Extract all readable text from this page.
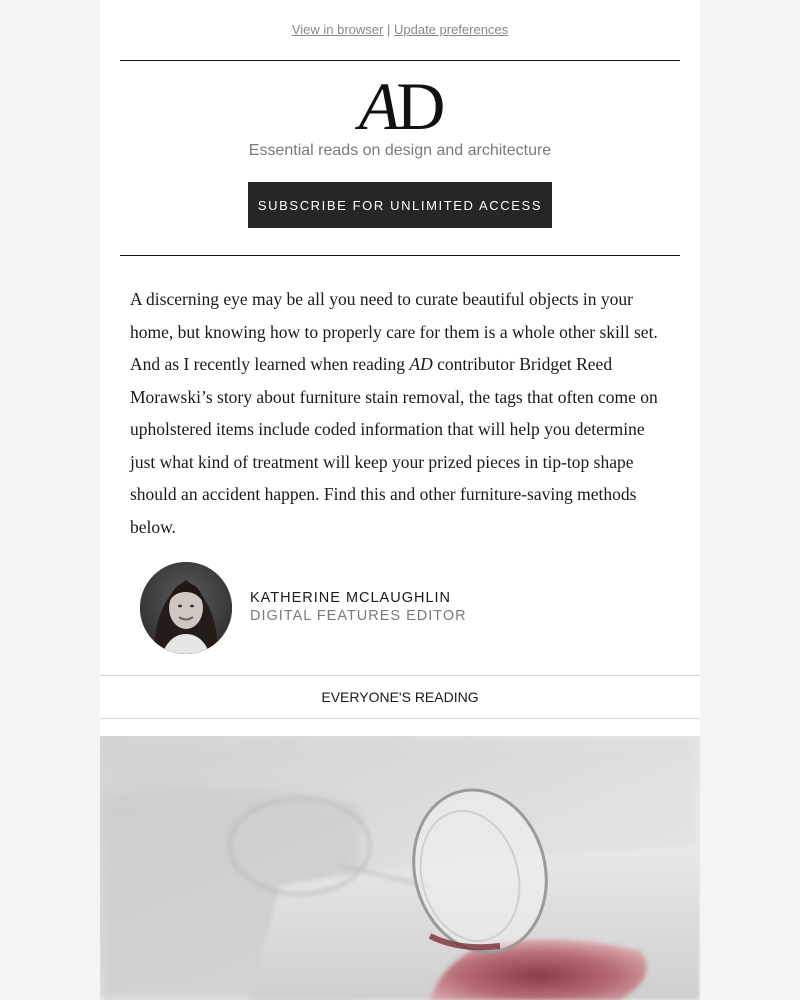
View in browser | Update preferences
AD
Essential reads on design and architecture
SUBSCRIBE FOR UNLIMITED ACCESS

A discerning eye may be all you need to curate beautiful objects in your home, but knowing how to properly care for them is a whole other skill set. And as I recently learned when reading AD contributor Bridget Reed Morawski’s story about furniture stain removal, the tags that often come on upholstered items include coded information that will help you determine just what kind of treatment will keep your prized pieces in tip-top shape should an accident happen. Find this and other furniture-saving methods below.

KATHERINE MCLAUGHLIN
DIGITAL FEATURES EDITOR
EVERYONE'S READING
